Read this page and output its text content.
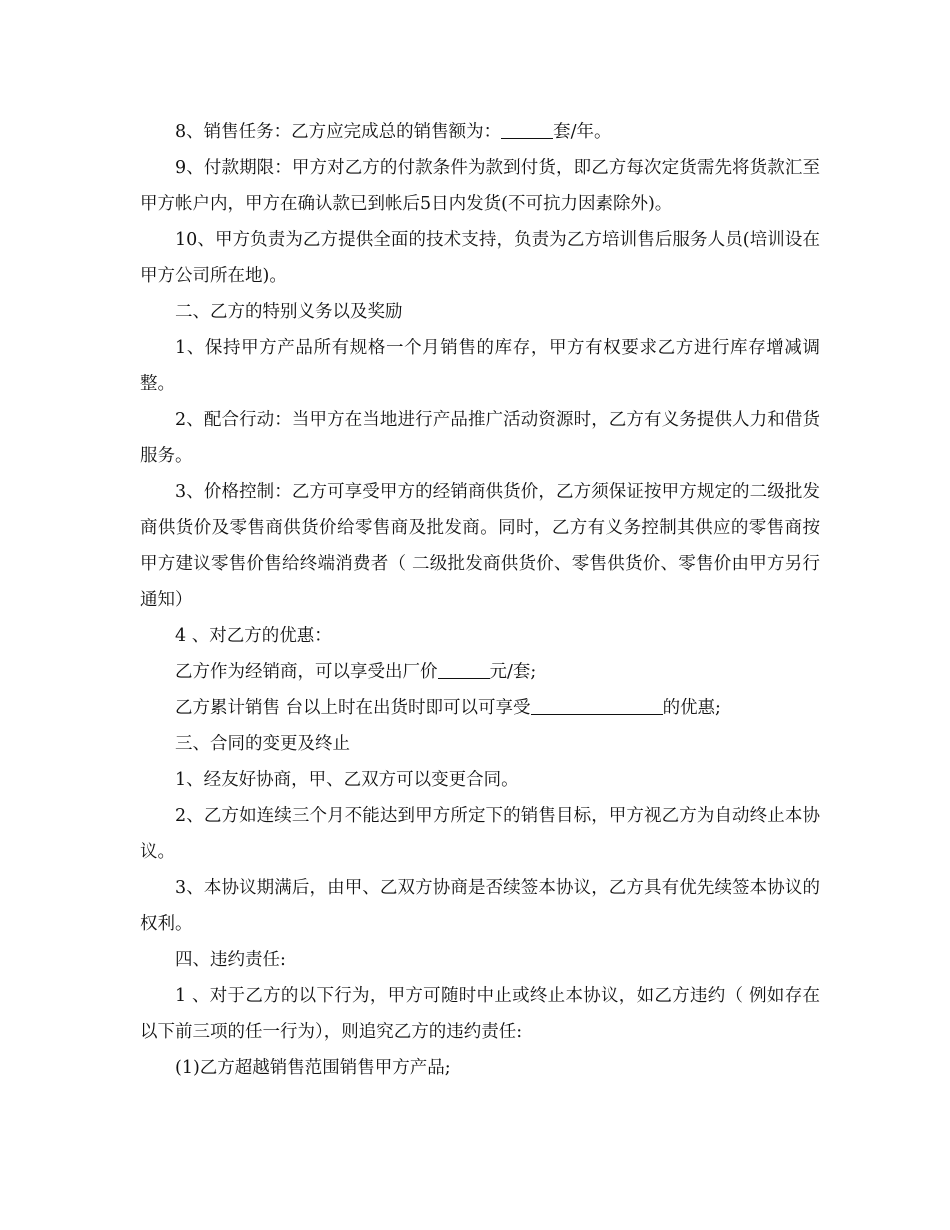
8、销售任务：乙方应完成总的销售额为：	套/年。

9、付款期限：甲方对乙方的付款条件为款到付货，即乙方每次定货需先将货款汇至甲方帐户内，甲方在确认款已到帐后5日内发货(不可抗力因素除外)。

10、甲方负责为乙方提供全面的技术支持，负责为乙方培训售后服务人员(培训设在甲方公司所在地)。

二、乙方的特别义务以及奖励

1、保持甲方产品所有规格一个月销售的库存，甲方有权要求乙方进行库存增减调整。

2、配合行动：当甲方在当地进行产品推广活动资源时，乙方有义务提供人力和借货服务。

3、价格控制：乙方可享受甲方的经销商供货价，乙方须保证按甲方规定的二级批发商供货价及零售商供货价给零售商及批发商。同时，乙方有义务控制其供应的零售商按甲方建议零售价售给终端消费者（ 二级批发商供货价、零售供货价、零售价由甲方另行通知）

4 、对乙方的优惠：

乙方作为经销商，可以享受出厂价	元/套;

乙方累计销售 台以上时在出货时即可以可享受	的优惠;

三、合同的变更及终止

1、经友好协商，甲、乙双方可以变更合同。

2、乙方如连续三个月不能达到甲方所定下的销售目标，甲方视乙方为自动终止本协议。

3、本协议期满后，由甲、乙双方协商是否续签本协议，乙方具有优先续签本协议的权利。

四、违约责任:

1 、对于乙方的以下行为，甲方可随时中止或终止本协议，如乙方违约（ 例如存在以下前三项的任一行为），则追究乙方的违约责任:

(1)乙方超越销售范围销售甲方产品;
